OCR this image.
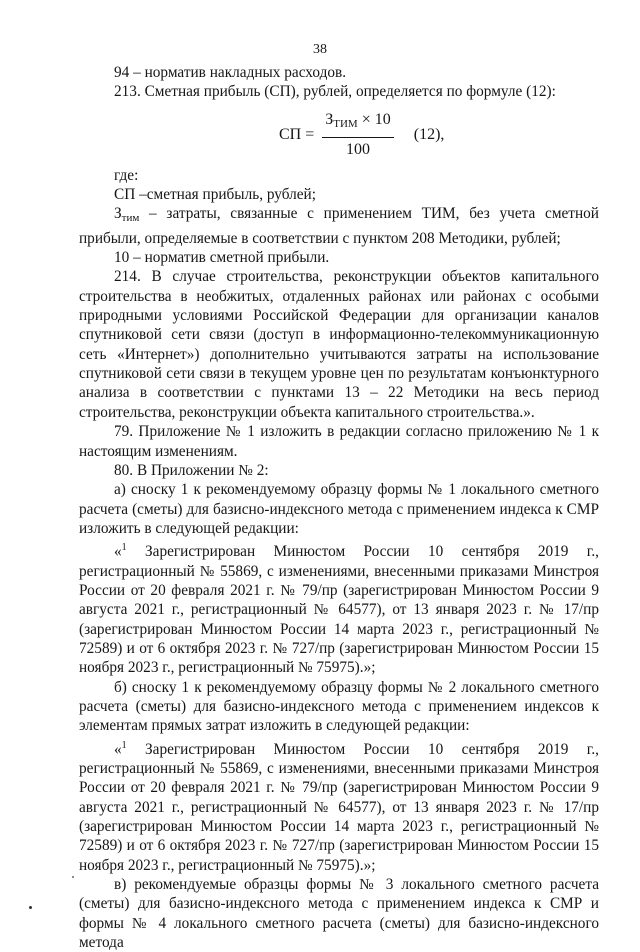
38

94 – норматив накладных расходов.

213. Сметная прибыль (СП), рублей, определяется по формуле (12):

СП = $\frac{З_{ТИМ} \times 10}{100} (12)$,

где:

СП –сметная прибыль, рублей;

$З_{тим}$ – затраты, связанные с применением ТИМ, без учета сметной прибыли, определяемые в соответствии с пунктом 208 Методики, рублей;

10 – норматив сметной прибыли.

214. В случае строительства, реконструкции объектов капитального строительства в необжитых, отдаленных районах или районах с особыми природными условиями Российской Федерации для организации каналов спутниковой сети связи (доступ в информационно-телекоммуникационную сеть «Интернет») дополнительно учитываются затраты на использование спутниковой сети связи в текущем уровне цен по результатам конъюнктурного анализа в соответствии с пунктами 13 – 22 Методики на весь период строительства, реконструкции объекта капитального строительства.».

79. Приложение № 1 изложить в редакции согласно приложению № 1 к настоящим изменениям.

80. В Приложении № 2:

а) сноску 1 к рекомендуемому образцу формы № 1 локального сметного расчета (сметы) для базисно-индексного метода с применением индекса к СМР изложить в следующей редакции:

«$^1$ Зарегистрирован Минюстом России 10 сентября 2019 г., регистрационный № 55869, с изменениями, внесенными приказами Минстроя России от 20 февраля 2021 г. № 79/пр (зарегистрирован Минюстом России 9 августа 2021 г., регистрационный № 64577), от 13 января 2023 г. № 17/пр (зарегистрирован Минюстом России 14 марта 2023 г., регистрационный № 72589) и от 6 октября 2023 г. № 727/пр (зарегистрирован Минюстом России 15 ноября 2023 г., регистрационный № 75975).»;

б) сноску 1 к рекомендуемому образцу формы № 2 локального сметного расчета (сметы) для базисно-индексного метода с применением индексов к элементам прямых затрат изложить в следующей редакции:

«$^1$ Зарегистрирован Минюстом России 10 сентября 2019 г., регистрационный № 55869, с изменениями, внесенными приказами Минстроя России от 20 февраля 2021 г. № 79/пр (зарегистрирован Минюстом России 9 августа 2021 г., регистрационный № 64577), от 13 января 2023 г. № 17/пр (зарегистрирован Минюстом России 14 марта 2023 г., регистрационный № 72589) и от 6 октября 2023 г. № 727/пр (зарегистрирован Минюстом России 15 ноября 2023 г., регистрационный № 75975).»;

в) рекомендуемые образцы формы № 3 локального сметного расчета (сметы) для базисно-индексного метода с применением индекса к СМР и формы № 4 локального сметного расчета (сметы) для базисно-индексного метода
